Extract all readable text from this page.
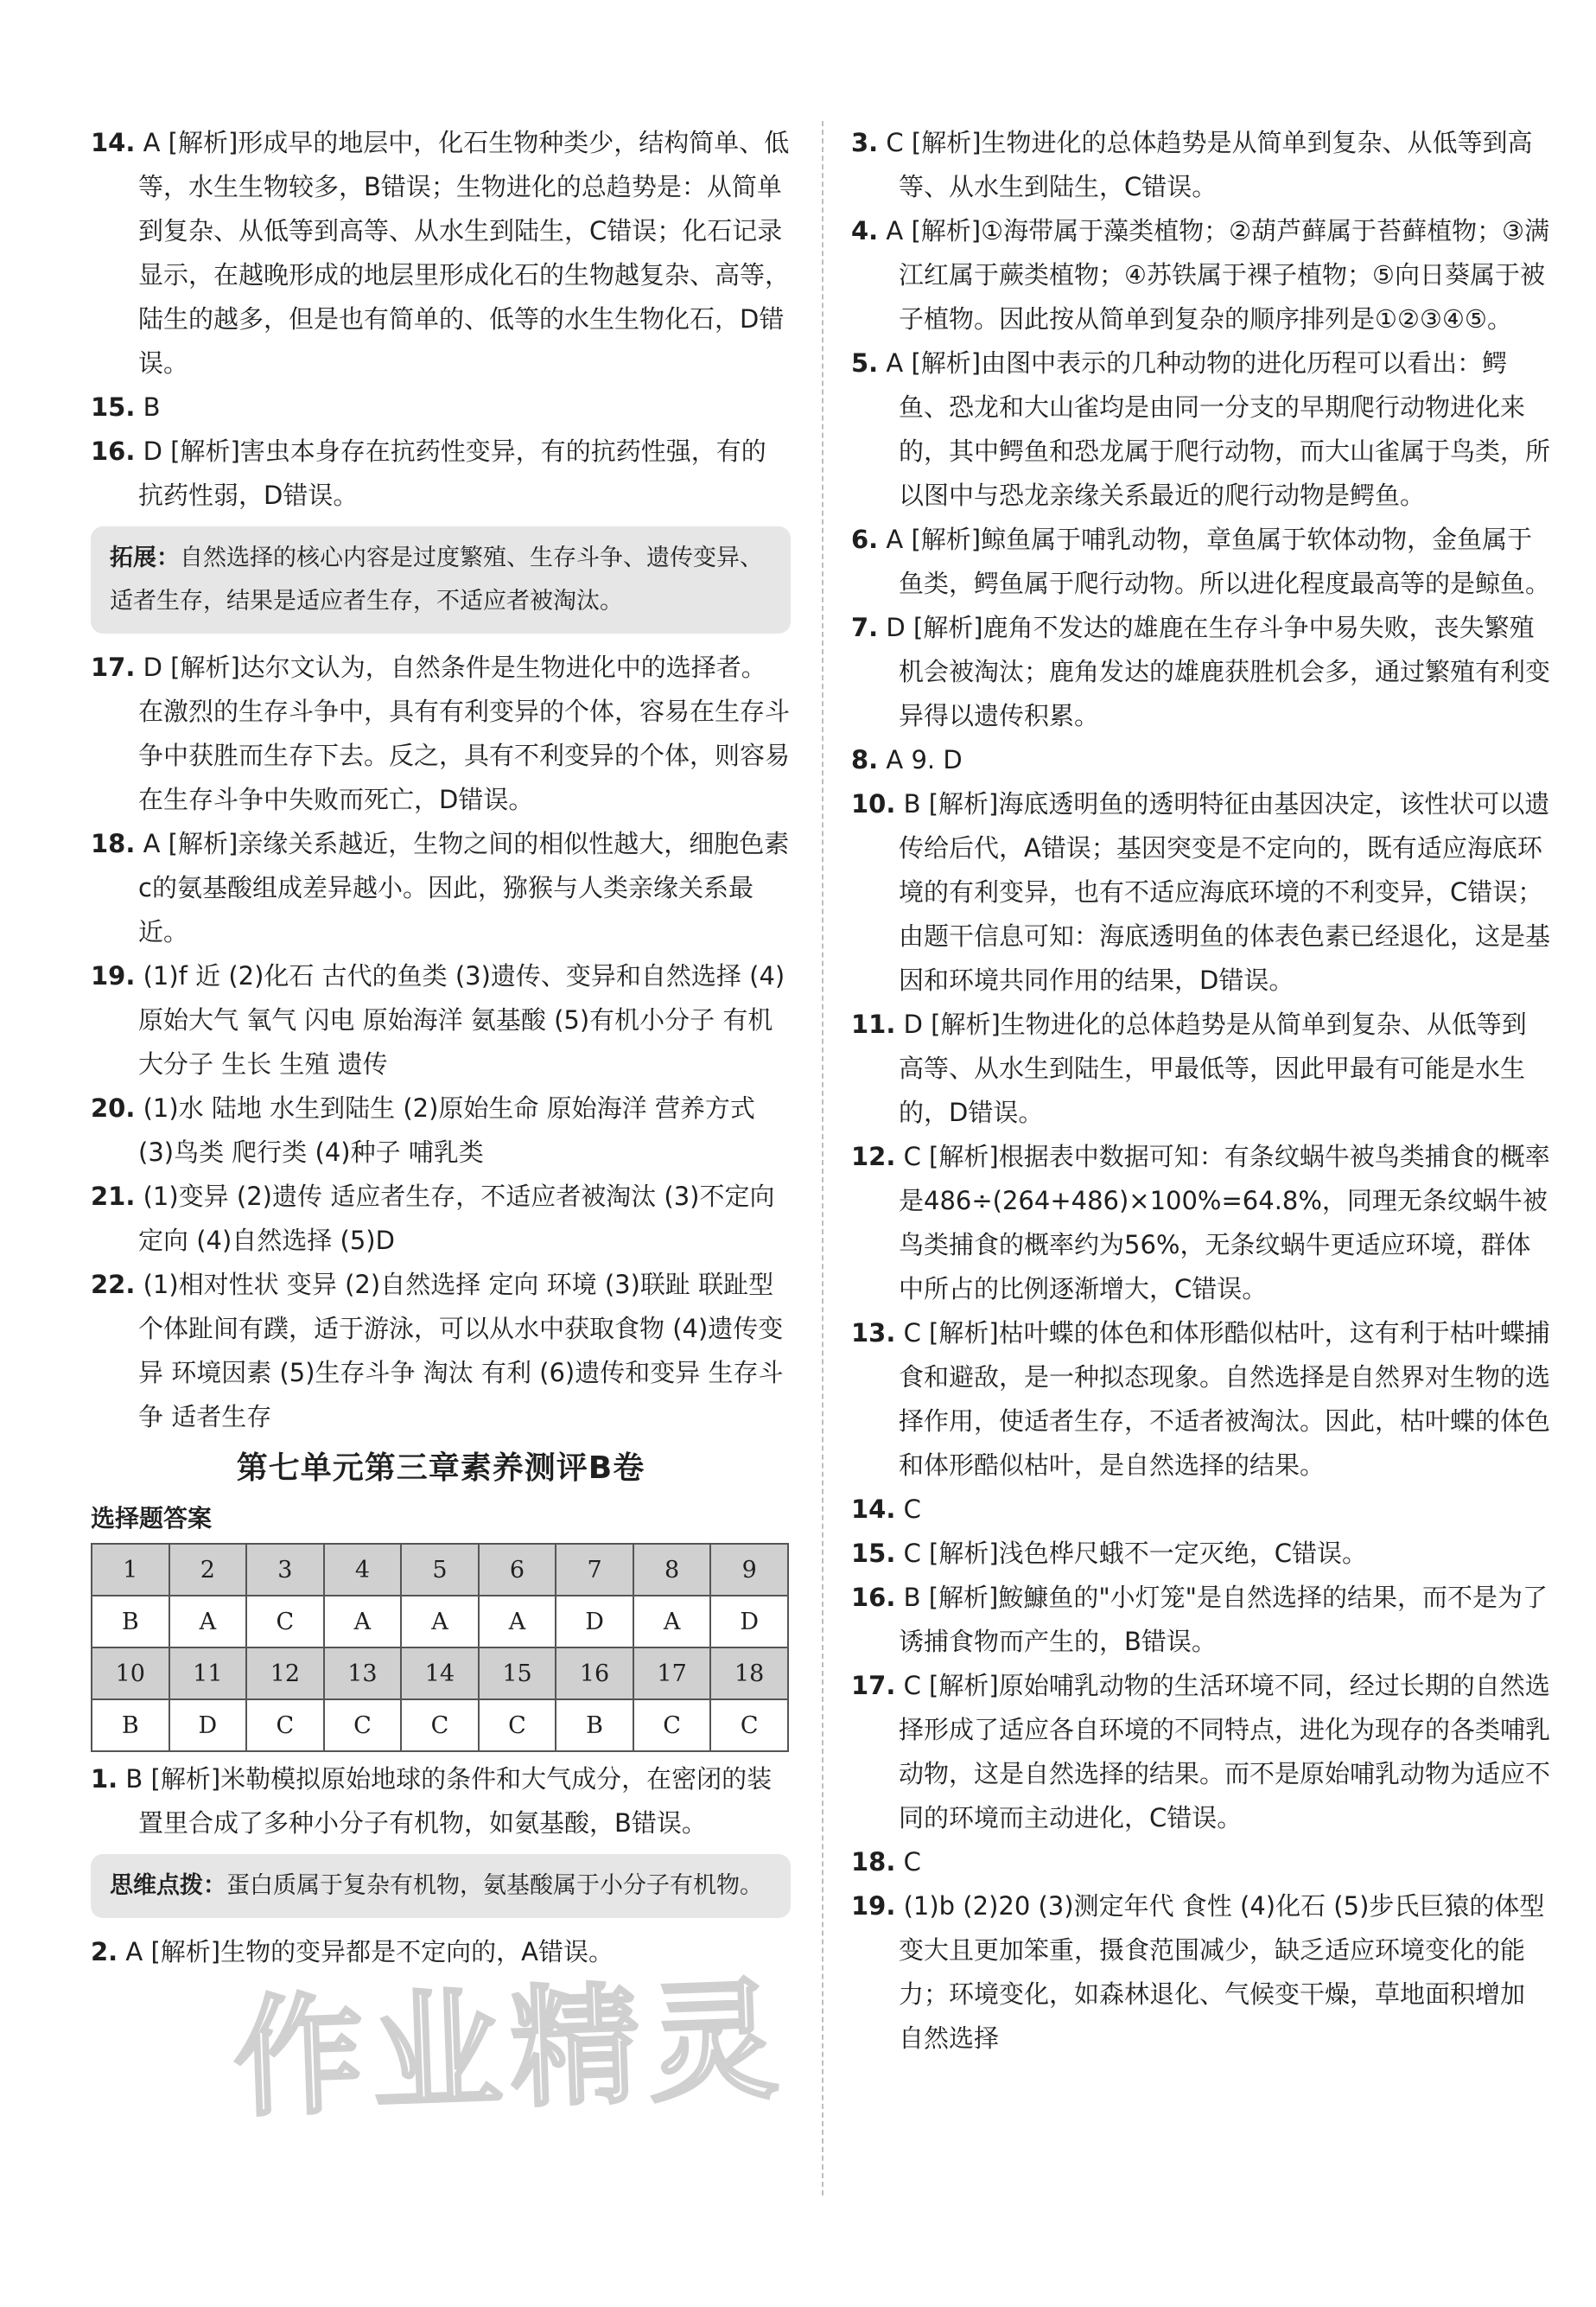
14. A [解析]形成早的地层中，化石生物种类少，结构简单、低等，水生生物较多，B错误；生物进化的总趋势是：从简单到复杂、从低等到高等、从水生到陆生，C错误；化石记录显示，在越晚形成的地层里形成化石的生物越复杂、高等，陆生的越多，但是也有简单的、低等的水生生物化石，D错误。
15. B
16. D [解析]害虫本身存在抗药性变异，有的抗药性强，有的抗药性弱，D错误。
拓展：自然选择的核心内容是过度繁殖、生存斗争、遗传变异、适者生存，结果是适应者生存，不适应者被淘汰。
17. D [解析]达尔文认为，自然条件是生物进化中的选择者。在激烈的生存斗争中，具有有利变异的个体，容易在生存斗争中获胜而生存下去。反之，具有不利变异的个体，则容易在生存斗争中失败而死亡，D错误。
18. A [解析]亲缘关系越近，生物之间的相似性越大，细胞色素c的氨基酸组成差异越小。因此，猕猴与人类亲缘关系最近。
19. (1)f 近 (2)化石 古代的鱼类 (3)遗传、变异和自然选择 (4)原始大气 氧气 闪电 原始海洋 氨基酸 (5)有机小分子 有机大分子 生长 生殖 遗传
20. (1)水 陆地 水生到陆生 (2)原始生命 原始海洋 营养方式 (3)鸟类 爬行类 (4)种子 哺乳类
21. (1)变异 (2)遗传 适应者生存，不适应者被淘汰 (3)不定向 定向 (4)自然选择 (5)D
22. (1)相对性状 变异 (2)自然选择 定向 环境 (3)联趾 联趾型个体趾间有蹼，适于游泳，可以从水中获取食物 (4)遗传变异 环境因素 (5)生存斗争 淘汰 有利 (6)遗传和变异 生存斗争 适者生存
第七单元第三章素养测评B卷
选择题答案
1	2	3	4	5	6	7	8	9
B	A	C	A	A	A	D	A	D
10	11	12	13	14	15	16	17	18
B	D	C	C	C	C	B	C	C
1. B [解析]米勒模拟原始地球的条件和大气成分，在密闭的装置里合成了多种小分子有机物，如氨基酸，B错误。
思维点拨：蛋白质属于复杂有机物，氨基酸属于小分子有机物。
2. A [解析]生物的变异都是不定向的，A错误。
3. C [解析]生物进化的总体趋势是从简单到复杂、从低等到高等、从水生到陆生，C错误。
4. A [解析]①海带属于藻类植物；②葫芦藓属于苔藓植物；③满江红属于蕨类植物；④苏铁属于裸子植物；⑤向日葵属于被子植物。因此按从简单到复杂的顺序排列是①②③④⑤。
5. A [解析]由图中表示的几种动物的进化历程可以看出：鳄鱼、恐龙和大山雀均是由同一分支的早期爬行动物进化来的，其中鳄鱼和恐龙属于爬行动物，而大山雀属于鸟类，所以图中与恐龙亲缘关系最近的爬行动物是鳄鱼。
6. A [解析]鲸鱼属于哺乳动物，章鱼属于软体动物，金鱼属于鱼类，鳄鱼属于爬行动物。所以进化程度最高等的是鲸鱼。
7. D [解析]鹿角不发达的雄鹿在生存斗争中易失败，丧失繁殖机会被淘汰；鹿角发达的雄鹿获胜机会多，通过繁殖有利变异得以遗传积累。
8. A 9. D
10. B [解析]海底透明鱼的透明特征由基因决定，该性状可以遗传给后代，A错误；基因突变是不定向的，既有适应海底环境的有利变异，也有不适应海底环境的不利变异，C错误；由题干信息可知：海底透明鱼的体表色素已经退化，这是基因和环境共同作用的结果，D错误。
11. D [解析]生物进化的总体趋势是从简单到复杂、从低等到高等、从水生到陆生，甲最低等，因此甲最有可能是水生的，D错误。
12. C [解析]根据表中数据可知：有条纹蜗牛被鸟类捕食的概率是486÷(264+486)×100%=64.8%，同理无条纹蜗牛被鸟类捕食的概率约为56%，无条纹蜗牛更适应环境，群体中所占的比例逐渐增大，C错误。
13. C [解析]枯叶蝶的体色和体形酷似枯叶，这有利于枯叶蝶捕食和避敌，是一种拟态现象。自然选择是自然界对生物的选择作用，使适者生存，不适者被淘汰。因此，枯叶蝶的体色和体形酷似枯叶，是自然选择的结果。
14. C
15. C [解析]浅色桦尺蛾不一定灭绝，C错误。
16. B [解析]鮟鱇鱼的"小灯笼"是自然选择的结果，而不是为了诱捕食物而产生的，B错误。
17. C [解析]原始哺乳动物的生活环境不同，经过长期的自然选择形成了适应各自环境的不同特点，进化为现存的各类哺乳动物，这是自然选择的结果。而不是原始哺乳动物为适应不同的环境而主动进化，C错误。
18. C
19. (1)b (2)20 (3)测定年代 食性 (4)化石 (5)步氏巨猿的体型变大且更加笨重，摄食范围减少，缺乏适应环境变化的能力；环境变化，如森林退化、气候变干燥，草地面积增加 自然选择
作业精灵
